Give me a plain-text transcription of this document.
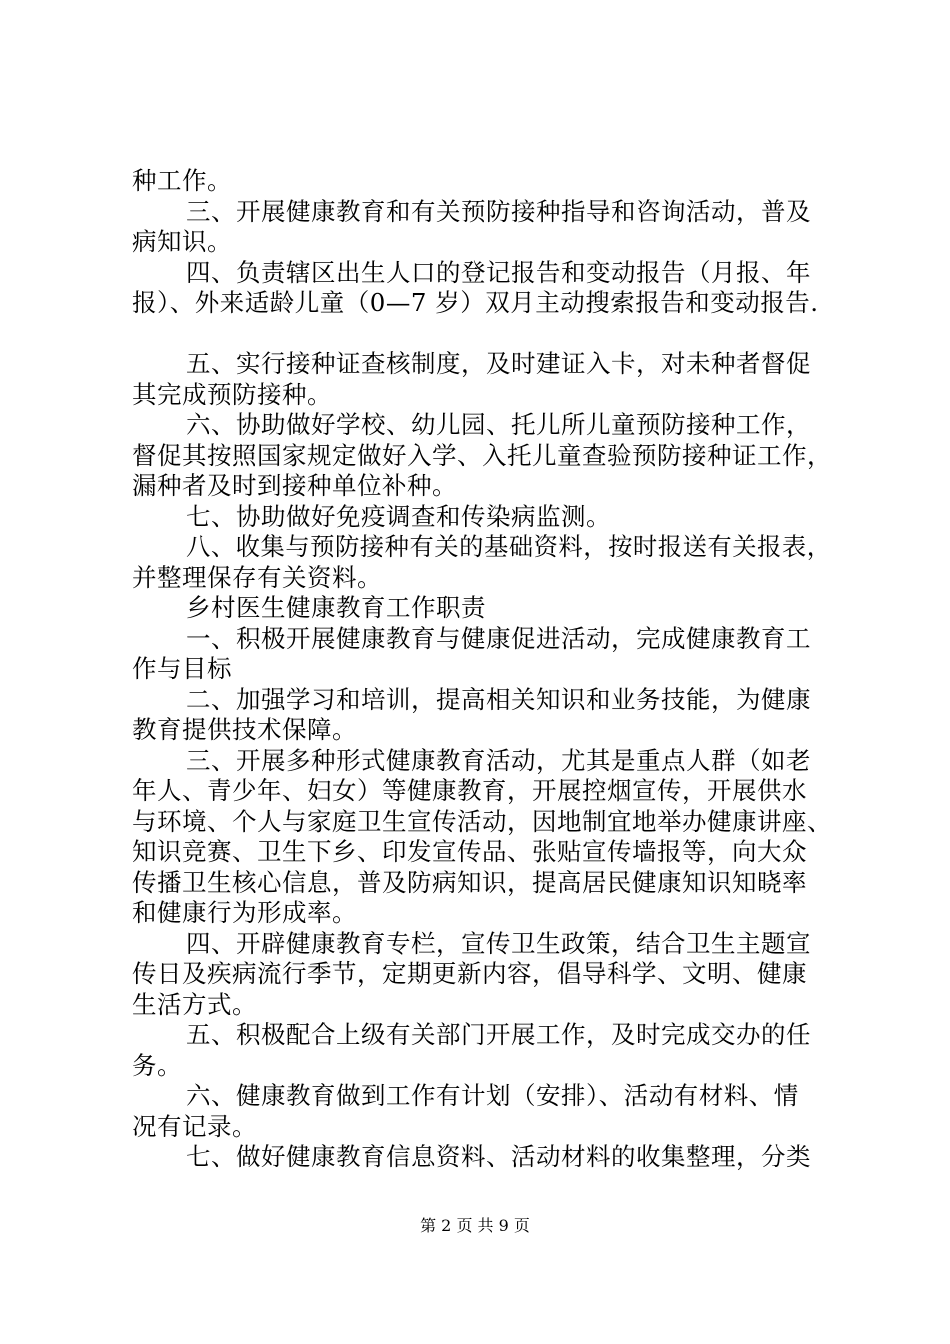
种工作。
三、开展健康教育和有关预防接种指导和咨询活动，普及
病知识。
四、负责辖区出生人口的登记报告和变动报告（月报、年
报）、外来适龄儿童（0—7 岁）双月主动搜索报告和变动报告.
五、实行接种证查核制度，及时建证入卡，对未种者督促
其完成预防接种。
六、协助做好学校、幼儿园、托儿所儿童预防接种工作，
督促其按照国家规定做好入学、入托儿童查验预防接种证工作，
漏种者及时到接种单位补种。
七、协助做好免疫调查和传染病监测。
八、收集与预防接种有关的基础资料，按时报送有关报表，
并整理保存有关资料。
乡村医生健康教育工作职责
一、积极开展健康教育与健康促进活动，完成健康教育工
作与目标
二、加强学习和培训，提高相关知识和业务技能，为健康
教育提供技术保障。
三、开展多种形式健康教育活动，尤其是重点人群（如老
年人、青少年、妇女）等健康教育，开展控烟宣传，开展供水
与环境、个人与家庭卫生宣传活动，因地制宜地举办健康讲座、
知识竞赛、卫生下乡、印发宣传品、张贴宣传墙报等，向大众
传播卫生核心信息，普及防病知识，提高居民健康知识知晓率
和健康行为形成率。
四、开辟健康教育专栏，宣传卫生政策，结合卫生主题宣
传日及疾病流行季节，定期更新内容，倡导科学、文明、健康
生活方式。
五、积极配合上级有关部门开展工作，及时完成交办的任
务。
六、健康教育做到工作有计划（安排）、活动有材料、情
况有记录。
七、做好健康教育信息资料、活动材料的收集整理，分类
第 2 页 共 9 页
